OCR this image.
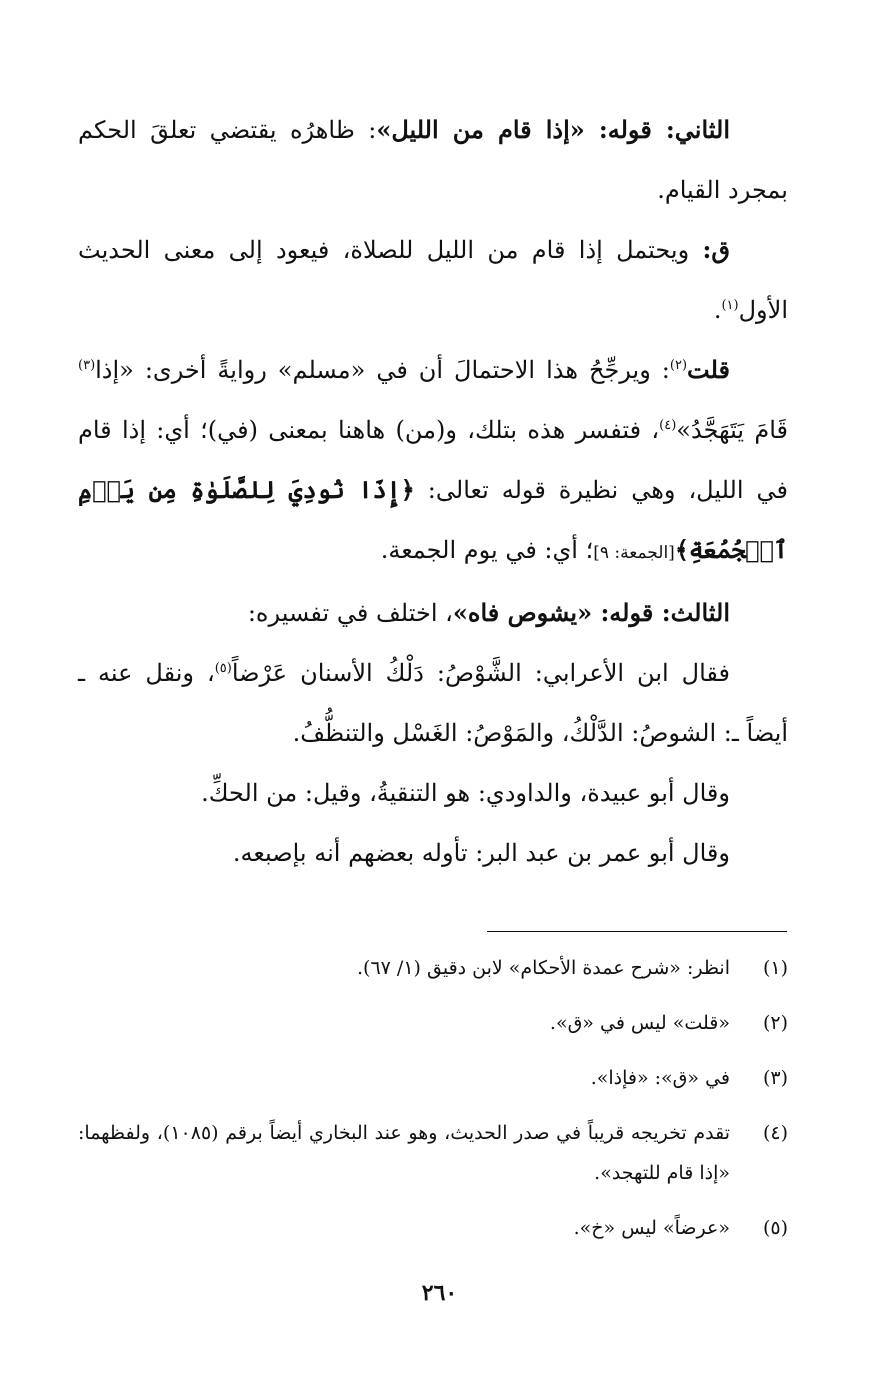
الثاني: قوله: «إذا قام من الليل»: ظاهرُه يقتضي تعلقَ الحكم بمجرد القيام.

ق: ويحتمل إذا قام من الليل للصلاة، فيعود إلى معنى الحديث الأول$^{(١)}$.

قلت$^{(٢)}$: ويرجِّحُ هذا الاحتمالَ أن في «مسلم» روايةً أخرى: «إذا$^{(٣)}$ قَامَ يَتَهَجَّدُ»$^{(٤)}$، فتفسر هذه بتلك، و(من) هاهنا بمعنى (في)؛ أي: إذا قام في الليل، وهي نظيرة قوله تعالى: ﴿إِذَا نُودِيَ لِلصَّلَوٰةِ مِن يَوۡمِ ٱلۡجُمُعَةِ﴾[الجمعة: ٩]؛ أي: في يوم الجمعة.

الثالث: قوله: «يشوص فاه»، اختلف في تفسيره:

فقال ابن الأعرابي: الشَّوْصُ: دَلْكُ الأسنان عَرْضاً$^{(٥)}$، ونقل عنه ـ أيضاً ـ: الشوصُ: الدَّلْكُ، والمَوْصُ: الغَسْل والتنظُّفُ.

وقال أبو عبيدة، والداودي: هو التنقيةُ، وقيل: من الحكِّ.

وقال أبو عمر بن عبد البر: تأوله بعضهم أنه بإصبعه.

(١)
انظر: «شرح عمدة الأحكام» لابن دقيق (١/ ٦٧).
(٢)
«قلت» ليس في «ق».
(٣)
في «ق»: «فإذا».
(٤)
تقدم تخريجه قريباً في صدر الحديث، وهو عند البخاري أيضاً برقم (١٠٨٥)، ولفظهما: «إذا قام للتهجد».
(٥)
«عرضاً» ليس «خ».
٢٦٠
